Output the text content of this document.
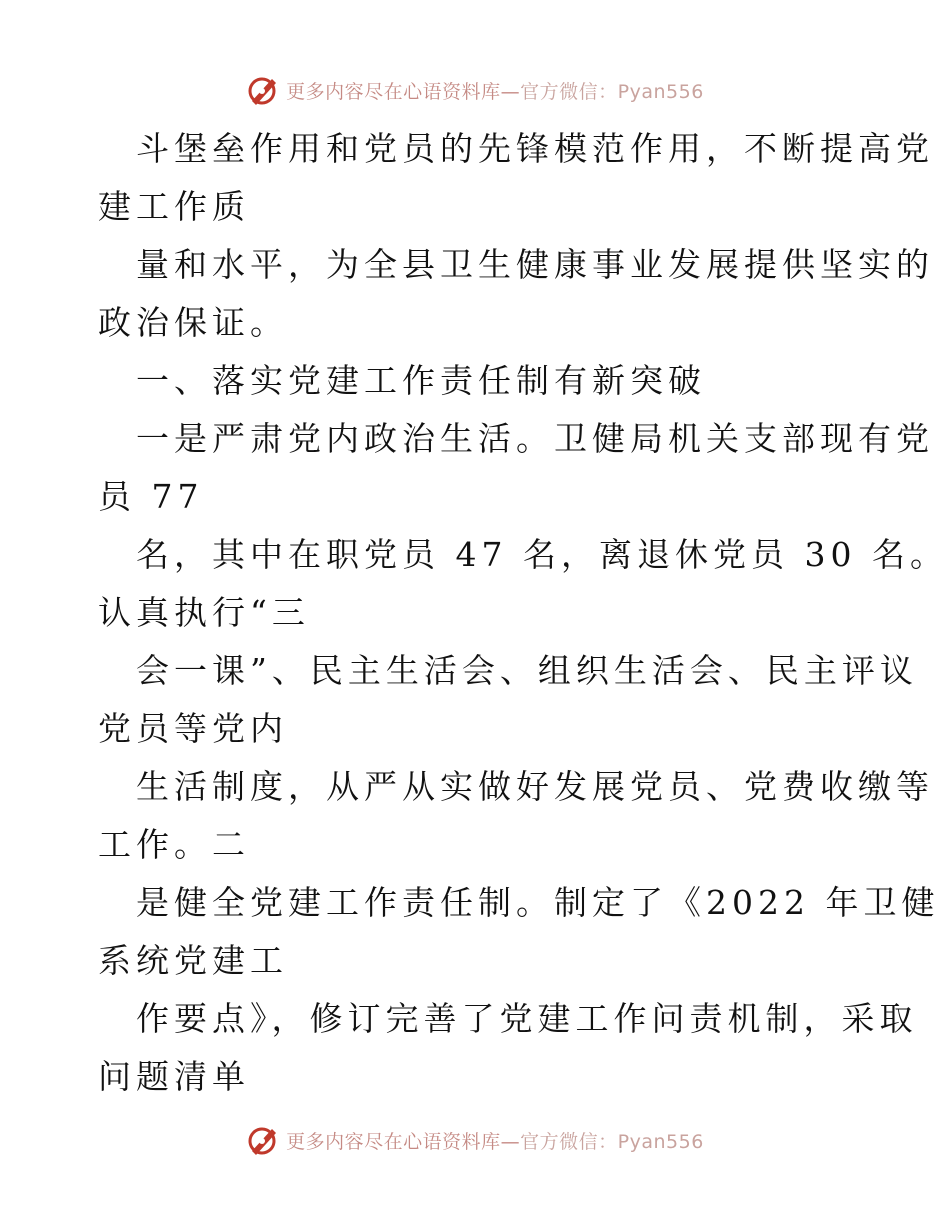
更多内容尽在心语资料库—官方微信：Pyan556
斗堡垒作用和党员的先锋模范作用，不断提高党
建工作质
量和水平，为全县卫生健康事业发展提供坚实的
政治保证。
一、落实党建工作责任制有新突破
一是严肃党内政治生活。卫健局机关支部现有党
员 77
名，其中在职党员 47 名，离退休党员 30 名。
认真执行“三
会一课”、民主生活会、组织生活会、民主评议
党员等党内
生活制度，从严从实做好发展党员、党费收缴等
工作。二
是健全党建工作责任制。制定了《2022 年卫健
系统党建工
作要点》，修订完善了党建工作问责机制，采取
问题清单
更多内容尽在心语资料库—官方微信：Pyan556
